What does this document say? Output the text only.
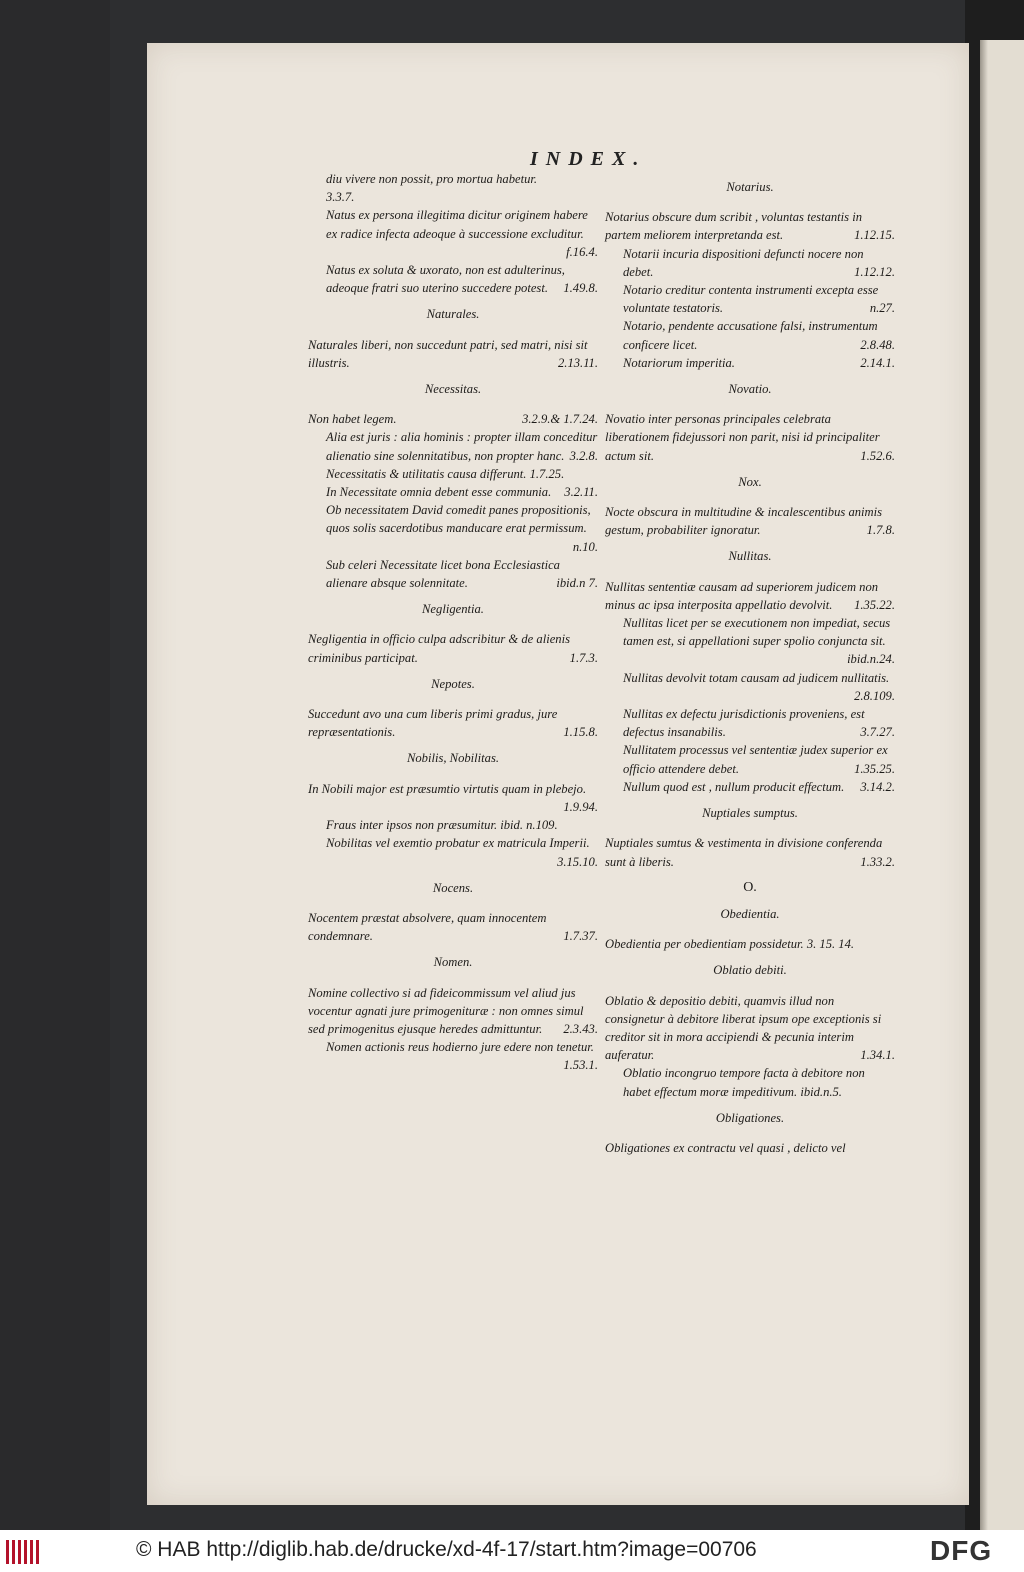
INDEX.
diu vivere non possit, pro mortua habetur.
3.3.7.
Natus ex persona illegitima dicitur originem habere ex radice infecta adeoque à successione excluditur.
f.16.4.
Natus ex soluta & uxorato, non est adulterinus, adeoque fratri suo uterino succedere potest. 1.49.8.
Naturales.
Naturales liberi, non succedunt patri, sed matri, nisi sit illustris.	2.13.11.
Necessitas.
Non habet legem.	3.2.9.& 1.7.24.
Alia est juris : alia hominis : propter illam conceditur alienatio sine solennitatibus, non propter hanc. 3.2.8.
Necessitatis & utilitatis causa differunt. 1.7.25.
In Necessitate omnia debent esse communia. 3.2.11.
Ob necessitatem David comedit panes propositionis, quos solis sacerdotibus manducare erat permissum.
n.10.
Sub celeri Necessitate licet bona Ecclesiastica alienare absque solennitate.	ibid.n 7.
Negligentia.
Negligentia in officio culpa adscribitur & de alienis criminibus participat.	1.7.3.
Nepotes.
Succedunt avo una cum liberis primi gradus, jure repræsentationis.	1.15.8.
Nobilis, Nobilitas.
In Nobili major est præsumtio virtutis quam in plebejo.
1.9.94.
Fraus inter ipsos non præsumitur. ibid. n.109.
Nobilitas vel exemtio probatur ex matricula Imperii.
3.15.10.
Nocens.
Nocentem præstat absolvere, quam innocentem condemnare.	1.7.37.
Nomen.
Nomine collectivo si ad fideicommissum vel aliud jus vocentur agnati jure primogenituræ : non omnes simul sed primogenitus ejusque heredes admittuntur. 2.3.43.
Nomen actionis reus hodierno jure edere non tenetur.
1.53.1.
Notarius.
Notarius obscure dum scribit , voluntas testantis in partem meliorem interpretanda est.	1.12.15.
Notarii incuria dispositioni defuncti nocere non debet.	1.12.12.
Notario creditur contenta instrumenti excepta esse voluntate testatoris.	n.27.
Notario, pendente accusatione falsi, instrumentum conficere licet.	2.8.48.
Notariorum imperitia.	2.14.1.
Novatio.
Novatio inter personas principales celebrata liberationem fidejussori non parit, nisi id principaliter actum sit.	1.52.6.
Nox.
Nocte obscura in multitudine & incalescentibus animis gestum, probabiliter ignoratur.	1.7.8.
Nullitas.
Nullitas sententiæ causam ad superiorem judicem non minus ac ipsa interposita appellatio devolvit. 1.35.22.
Nullitas licet per se executionem non impediat, secus tamen est, si appellationi super spolio conjuncta sit.
ibid.n.24.
Nullitas devolvit totam causam ad judicem nullitatis.
2.8.109.
Nullitas ex defectu jurisdictionis proveniens, est defectus insanabilis.	3.7.27.
Nullitatem processus vel sententiæ judex superior ex officio attendere debet.	1.35.25.
Nullum quod est , nullum producit effectum. 3.14.2.
Nuptiales sumptus.
Nuptiales sumtus & vestimenta in divisione conferenda sunt à liberis.	1.33.2.
O.
Obedientia.
Obedientia per obedientiam possidetur. 3. 15. 14.
Oblatio debiti.
Oblatio & depositio debiti, quamvis illud non consignetur à debitore liberat ipsum ope exceptionis si creditor sit in mora accipiendi & pecunia interim auferatur.	1.34.1.
Oblatio incongruo tempore facta à debitore non habet effectum moræ impeditivum. ibid.n.5.
Obligationes.
Obligationes ex contractu vel quasi , delicto vel
© HAB http://diglib.hab.de/drucke/xd-4f-17/start.htm?image=00706	DFG
